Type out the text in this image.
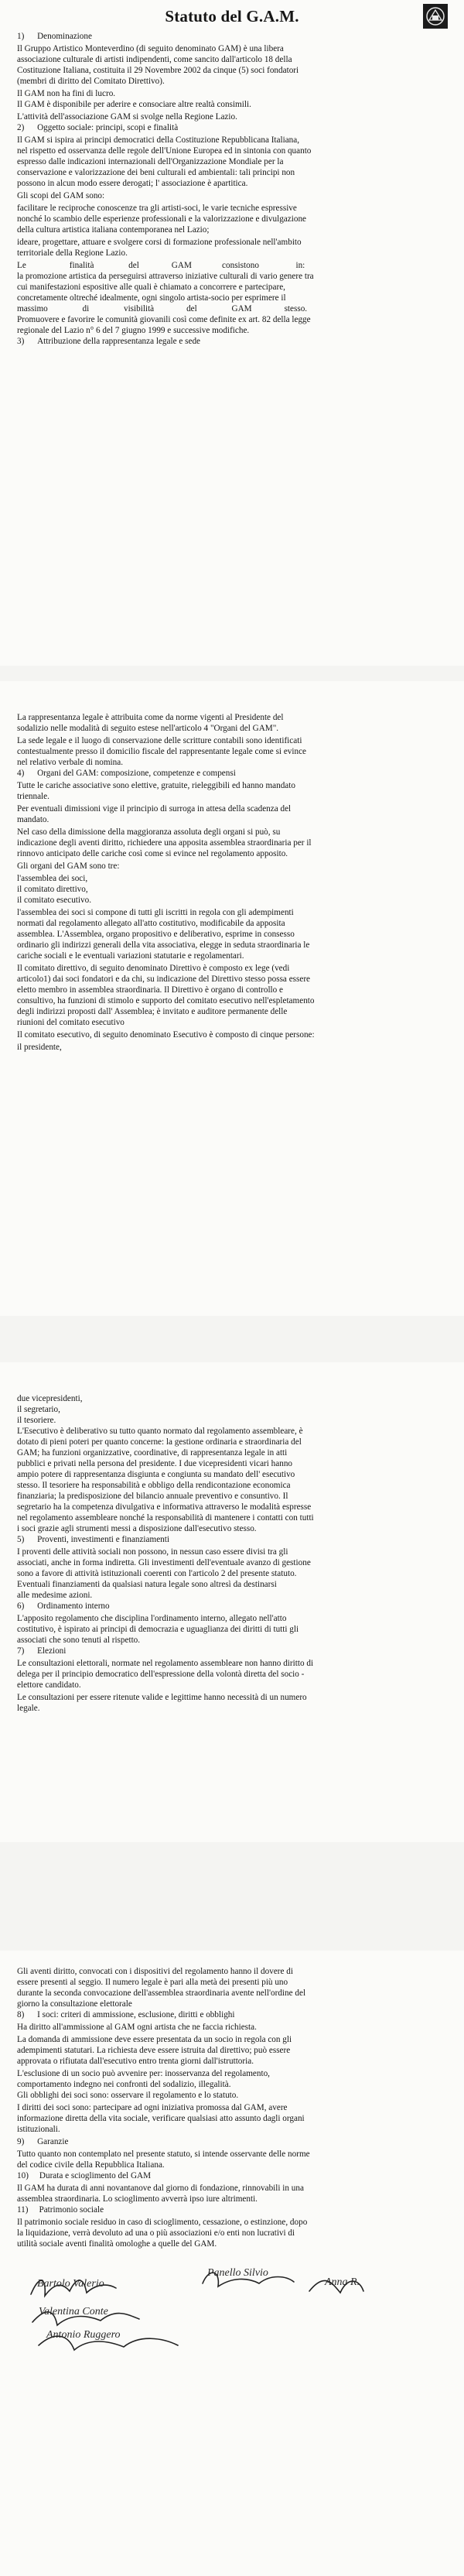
Statuto del G.A.M.
1)      Denominazione
Il Gruppo Artistico Monteverdino (di seguito denominato GAM) è una libera
associazione culturale di artisti indipendenti, come sancito dall'articolo 18 della
Costituzione Italiana, costituita il 29 Novembre 2002 da cinque (5) soci fondatori
(membri di diritto del Comitato Direttivo).
Il GAM non ha fini di lucro.
Il GAM è disponibile per aderire e consociare altre realtà consimili.
L'attività dell'associazione GAM si svolge nella Regione Lazio.
2)      Oggetto sociale: principi, scopi e finalità
Il GAM si ispira ai principi democratici della Costituzione Repubblicana Italiana,
nel rispetto ed osservanza delle regole dell'Unione Europea ed in sintonia con quanto
espresso dalle indicazioni internazionali dell'Organizzazione Mondiale per la
conservazione e valorizzazione dei beni culturali ed ambientali: tali principi non
possono in alcun modo essere derogati; l' associazione è apartitica.
Gli scopi del GAM sono:
facilitare le reciproche conoscenze tra gli artisti-soci, le varie tecniche espressive
nonché lo scambio delle esperienze professionali e la valorizzazione e divulgazione
della cultura artistica italiana contemporanea nel Lazio;
ideare, progettare, attuare e svolgere corsi di formazione professionale nell'ambito
territoriale della Regione Lazio.
Le                    finalità                del               GAM              consistono                 in:
la promozione artistica da perseguirsi attraverso iniziative culturali di vario genere tra
cui manifestazioni espositive alle quali è chiamato a concorrere e partecipare,
concretamente oltreché idealmente, ogni singolo artista-socio per esprimere il
massimo                di                visibilità               del                GAM               stesso.
Promuovere e favorire le comunità giovanili così come definite ex art. 82 della legge
regionale del Lazio n° 6 del 7 giugno 1999 e successive modifiche.
3)      Attribuzione della rappresentanza legale e sede
La rappresentanza legale è attribuita come da norme vigenti al Presidente del
sodalizio nelle modalità di seguito estese nell'articolo 4 "Organi del GAM".
La sede legale e il luogo di conservazione delle scritture contabili sono identificati
contestualmente presso il domicilio fiscale del rappresentante legale come si evince
nel relativo verbale di nomina.
4)      Organi del GAM: composizione, competenze e compensi
Tutte le cariche associative sono elettive, gratuite, rieleggibili ed hanno mandato
triennale.
Per eventuali dimissioni vige il principio di surroga in attesa della scadenza del
mandato.
Nel caso della dimissione della maggioranza assoluta degli organi si può, su
indicazione degli aventi diritto, richiedere una apposita assemblea straordinaria per il
rinnovo anticipato delle cariche così come si evince nel regolamento apposito.
Gli organi del GAM sono tre:
l'assemblea dei soci,
il comitato direttivo,
il comitato esecutivo.
l'assemblea dei soci si compone di tutti gli iscritti in regola con gli adempimenti
normati dal regolamento allegato all'atto costitutivo, modificabile da apposita
assemblea. L'Assemblea, organo propositivo e deliberativo, esprime in consesso
ordinario gli indirizzi generali della vita associativa, elegge in seduta straordinaria le
cariche sociali e le eventuali variazioni statutarie e regolamentari.
Il comitato direttivo, di seguito denominato Direttivo è composto ex lege (vedi
articolo1) dai soci fondatori e da chi, su indicazione del Direttivo stesso possa essere
eletto membro in assemblea straordinaria. Il Direttivo è organo di controllo e
consultivo, ha funzioni di stimolo e supporto del comitato esecutivo nell'espletamento
degli indirizzi proposti dall' Assemblea; è invitato e auditore permanente delle
riunioni del comitato esecutivo
Il comitato esecutivo, di seguito denominato Esecutivo è composto di cinque persone:
il presidente,
due vicepresidenti,
il segretario,
il tesoriere.
L'Esecutivo è deliberativo su tutto quanto normato dal regolamento assembleare, è
dotato di pieni poteri per quanto concerne: la gestione ordinaria e straordinaria del
GAM; ha funzioni organizzative, coordinative, di rappresentanza legale in atti
pubblici e privati nella persona del presidente. I due vicepresidenti vicari hanno
ampio potere di rappresentanza disgiunta e congiunta su mandato dell' esecutivo
stesso. Il tesoriere ha responsabilità e obbligo della rendicontazione economica
finanziaria; la predisposizione del bilancio annuale preventivo e consuntivo. Il
segretario ha la competenza divulgativa e informativa attraverso le modalità espresse
nel regolamento assembleare nonché la responsabilità di mantenere i contatti con tutti
i soci grazie agli strumenti messi a disposizione dall'esecutivo stesso.
5)      Proventi, investimenti e finanziamenti
I proventi delle attività sociali non possono, in nessun caso essere divisi tra gli
associati, anche in forma indiretta. Gli investimenti dell'eventuale avanzo di gestione
sono a favore di attività istituzionali coerenti con l'articolo 2 del presente statuto.
Eventuali finanziamenti da qualsiasi natura legale sono altresì da destinarsi
alle medesime azioni.
6)      Ordinamento interno
L'apposito regolamento che disciplina l'ordinamento interno, allegato nell'atto
costitutivo, è ispirato ai principi di democrazia e uguaglianza dei diritti di tutti gli
associati che sono tenuti al rispetto.
7)      Elezioni
Le consultazioni elettorali, normate nel regolamento assembleare non hanno diritto di
delega per il principio democratico dell'espressione della volontà diretta del socio -
elettore candidato.
Le consultazioni per essere ritenute valide e legittime hanno necessità di un numero
legale.
Gli aventi diritto, convocati con i dispositivi del regolamento hanno il dovere di
essere presenti al seggio. Il numero legale è pari alla metà dei presenti più uno
durante la seconda convocazione dell'assemblea straordinaria avente nell'ordine del
giorno la consultazione elettorale
8)      I soci: criteri di ammissione, esclusione, diritti e obblighi
Ha diritto all'ammissione al GAM ogni artista che ne faccia richiesta.
La domanda di ammissione deve essere presentata da un socio in regola con gli
adempimenti statutari. La richiesta deve essere istruita dal direttivo; può essere
approvata o rifiutata dall'esecutivo entro trenta giorni dall'istruttoria.
L'esclusione di un socio può avvenire per: inosservanza del regolamento,
comportamento indegno nei confronti del sodalizio, illegalità.
Gli obblighi dei soci sono: osservare il regolamento e lo statuto.
I diritti dei soci sono: partecipare ad ogni iniziativa promossa dal GAM, avere
informazione diretta della vita sociale, verificare qualsiasi atto assunto dagli organi
istituzionali.
9)      Garanzie
Tutto quanto non contemplato nel presente statuto, si intende osservante delle norme
del codice civile della Repubblica Italiana.
10)     Durata e scioglimento del GAM
Il GAM ha durata di anni novantanove dal giorno di fondazione, rinnovabili in una
assemblea straordinaria. Lo scioglimento avverrà ipso iure altrimenti.
11)     Patrimonio sociale
Il patrimonio sociale residuo in caso di scioglimento, cessazione, o estinzione, dopo
la liquidazione, verrà devoluto ad una o più associazioni e/o enti non lucrativi di
utilità sociale aventi finalità omologhe a quelle del GAM.
Bartolo Valerio
Panello Silvio
Valentina Conte
Antonio Ruggero
Anna R.
